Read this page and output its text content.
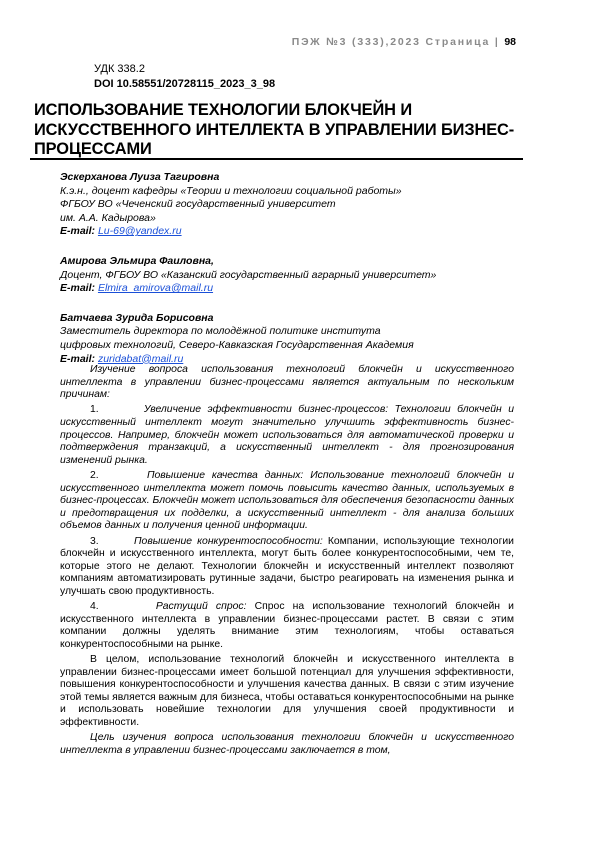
ПЭЖ №3 (333),2023 Страница | 98
УДК 338.2
DOI 10.58551/20728115_2023_3_98
ИСПОЛЬЗОВАНИЕ ТЕХНОЛОГИИ БЛОКЧЕЙН И ИСКУССТВЕННОГО ИНТЕЛЛЕКТА В УПРАВЛЕНИИ БИЗНЕС-ПРОЦЕССАМИ
Эскерханова Луиза Тагировна
К.э.н., доцент кафедры «Теории и технологии социальной работы»
ФГБОУ ВО «Чеченский государственный университет
им. А.А. Кадырова»
E-mail: Lu-69@yandex.ru
Амирова Эльмира Фаиловна,
Доцент, ФГБОУ ВО «Казанский государственный аграрный университет»
E-mail: Elmira_amirova@mail.ru
Батчаева Зурида Борисовна
Заместитель директора по молодёжной политике института
цифровых технологий, Северо-Кавказская Государственная Академия
E-mail: zuridabat@mail.ru

Изучение вопроса использования технологий блокчейн и искусственного интеллекта в управлении бизнес-процессами является актуальным по нескольким причинам:

1.	Увеличение эффективности бизнес-процессов: Технологии блокчейн и искусственный интеллект могут значительно улучшить эффективность бизнес-процессов. Например, блокчейн может использоваться для автоматической проверки и подтверждения транзакций, а искусственный интеллект - для прогнозирования изменений рынка.

2.	Повышение качества данных: Использование технологий блокчейн и искусственного интеллекта может помочь повысить качество данных, используемых в бизнес-процессах. Блокчейн может использоваться для обеспечения безопасности данных и предотвращения их подделки, а искусственный интеллект - для анализа больших объемов данных и получения ценной информации.

3.	Повышение конкурентоспособности: Компании, использующие технологии блокчейн и искусственного интеллекта, могут быть более конкурентоспособными, чем те, которые этого не делают. Технологии блокчейн и искусственный интеллект позволяют компаниям автоматизировать рутинные задачи, быстро реагировать на изменения рынка и улучшать свою продуктивность.

4.	Растущий спрос: Спрос на использование технологий блокчейн и искусственного интеллекта в управлении бизнес-процессами растет. В связи с этим компании должны уделять внимание этим технологиям, чтобы оставаться конкурентоспособными на рынке.

В целом, использование технологий блокчейн и искусственного интеллекта в управлении бизнес-процессами имеет большой потенциал для улучшения эффективности, повышения конкурентоспособности и улучшения качества данных. В связи с этим изучение этой темы является важным для бизнеса, чтобы оставаться конкурентоспособными на рынке и использовать новейшие технологии для улучшения своей продуктивности и эффективности.

Цель изучения вопроса использования технологии блокчейн и искусственного интеллекта в управлении бизнес-процессами заключается в том,
